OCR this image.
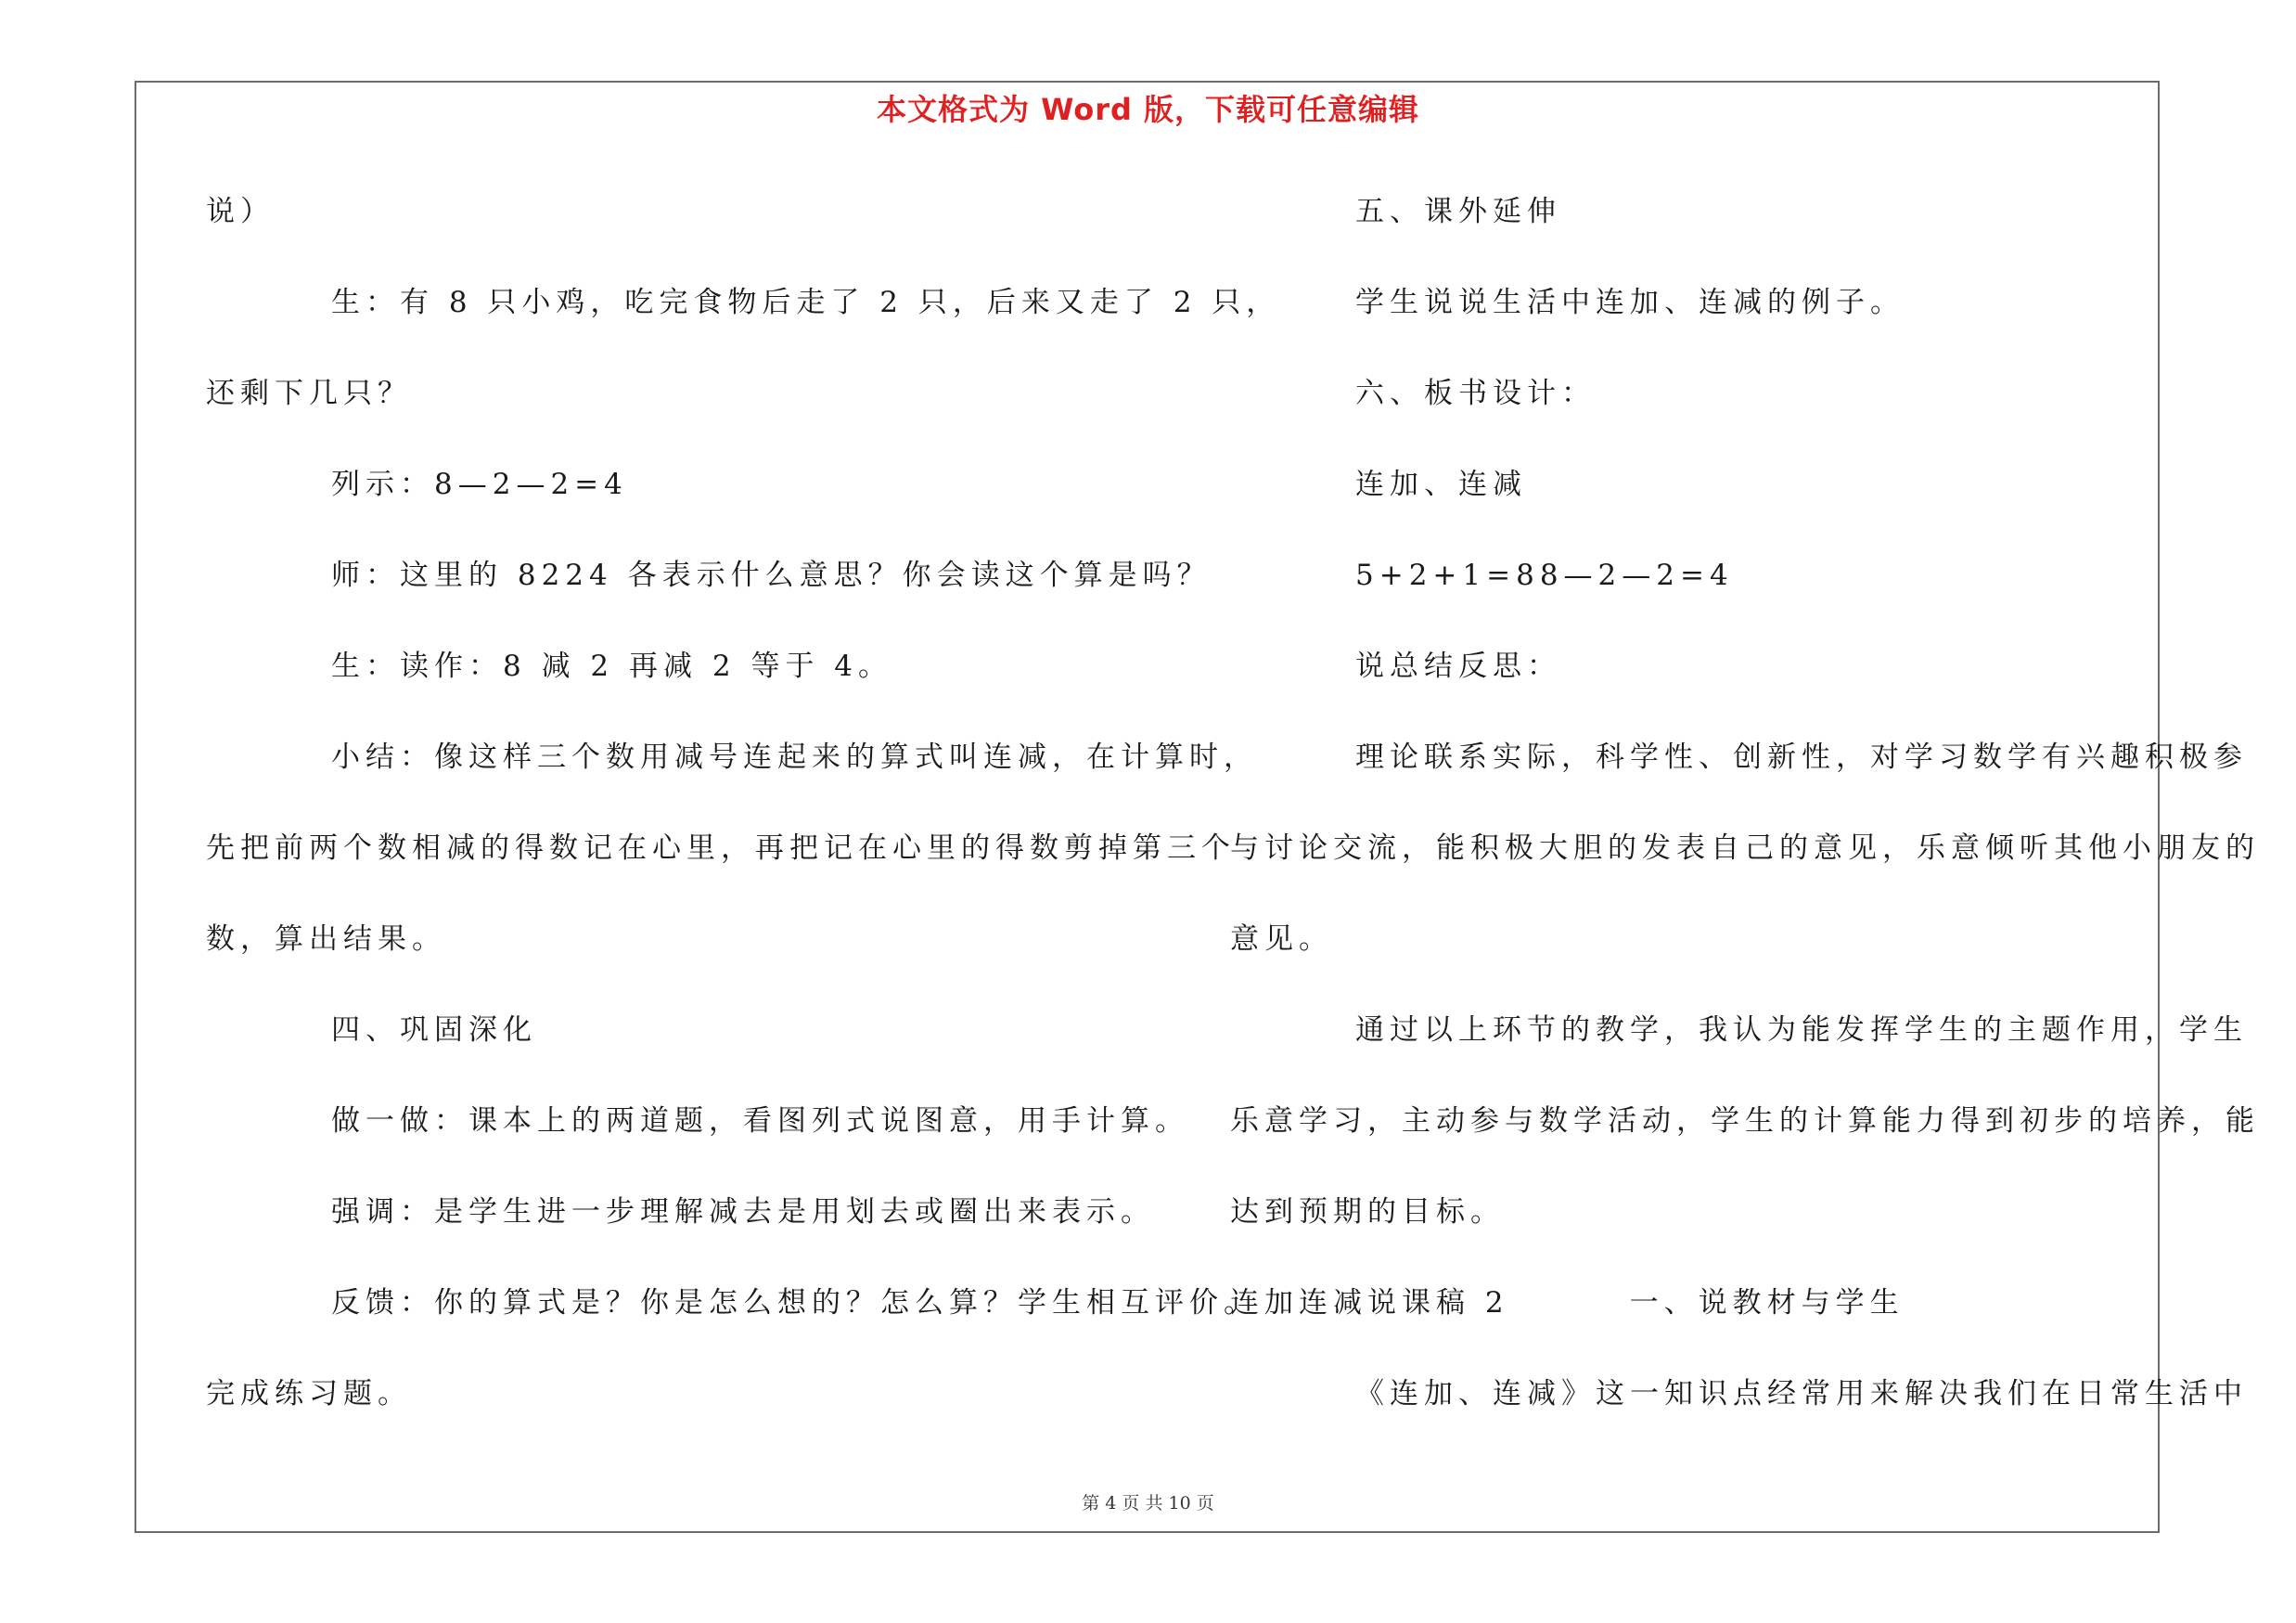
本文格式为 Word 版，下载可任意编辑
说）
生：有 8 只小鸡，吃完食物后走了 2 只，后来又走了 2 只，
还剩下几只？
列示：8—2—2=4
师：这里的 8224 各表示什么意思？你会读这个算是吗？
生：读作：8 减 2 再减 2 等于 4。
小结：像这样三个数用减号连起来的算式叫连减，在计算时，
先把前两个数相减的得数记在心里，再把记在心里的得数剪掉第三个
数，算出结果。
四、巩固深化
做一做：课本上的两道题，看图列式说图意，用手计算。
强调：是学生进一步理解减去是用划去或圈出来表示。
反馈：你的算式是？你是怎么想的？怎么算？学生相互评价。
完成练习题。
五、课外延伸
学生说说生活中连加、连减的例子。
六、板书设计：
连加、连减
5+2+1=88—2—2=4
说总结反思：
理论联系实际，科学性、创新性，对学习数学有兴趣积极参
与讨论交流，能积极大胆的发表自己的意见，乐意倾听其他小朋友的
意见。
通过以上环节的教学，我认为能发挥学生的主题作用，学生
乐意学习，主动参与数学活动，学生的计算能力得到初步的培养，能
达到预期的目标。
连加连减说课稿 2	一、说教材与学生
《连加、连减》这一知识点经常用来解决我们在日常生活中
第 4 页 共 10 页
